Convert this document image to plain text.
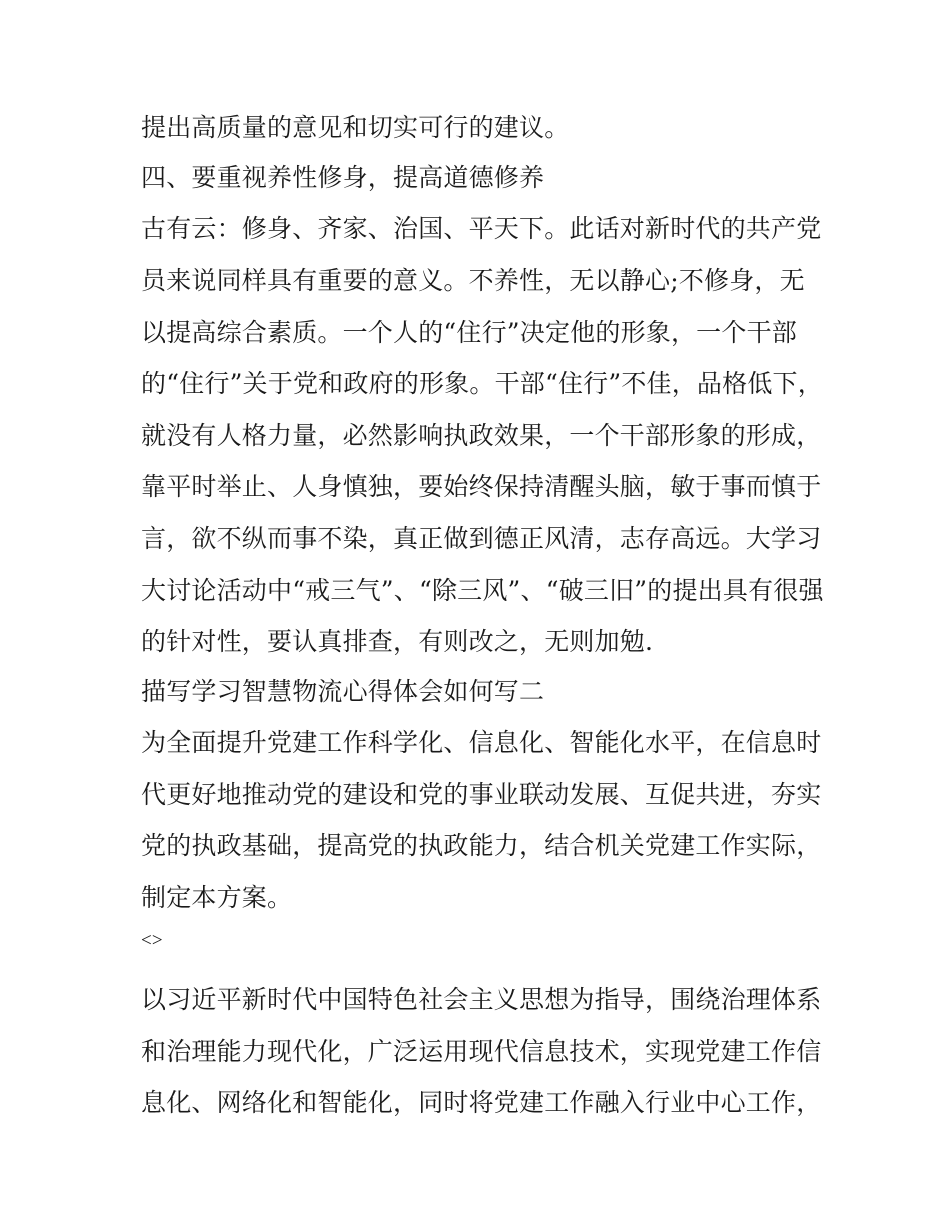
提出高质量的意见和切实可行的建议。
四、要重视养性修身，提高道德修养
古有云：修身、齐家、治国、平天下。此话对新时代的共产党
员来说同样具有重要的意义。不养性，无以静心;不修身，无
以提高综合素质。一个人的“住行”决定他的形象，一个干部
的“住行”关于党和政府的形象。干部“住行”不佳，品格低下，
就没有人格力量，必然影响执政效果，一个干部形象的形成，
靠平时举止、人身慎独，要始终保持清醒头脑，敏于事而慎于
言，欲不纵而事不染，真正做到德正风清，志存高远。大学习
大讨论活动中“戒三气”、“除三风”、“破三旧”的提出具有很强
的针对性，要认真排查，有则改之，无则加勉.
描写学习智慧物流心得体会如何写二
为全面提升党建工作科学化、信息化、智能化水平，在信息时
代更好地推动党的建设和党的事业联动发展、互促共进，夯实
党的执政基础，提高党的执政能力，结合机关党建工作实际，
制定本方案。
<>
以习近平新时代中国特色社会主义思想为指导，围绕治理体系
和治理能力现代化，广泛运用现代信息技术，实现党建工作信
息化、网络化和智能化，同时将党建工作融入行业中心工作，
